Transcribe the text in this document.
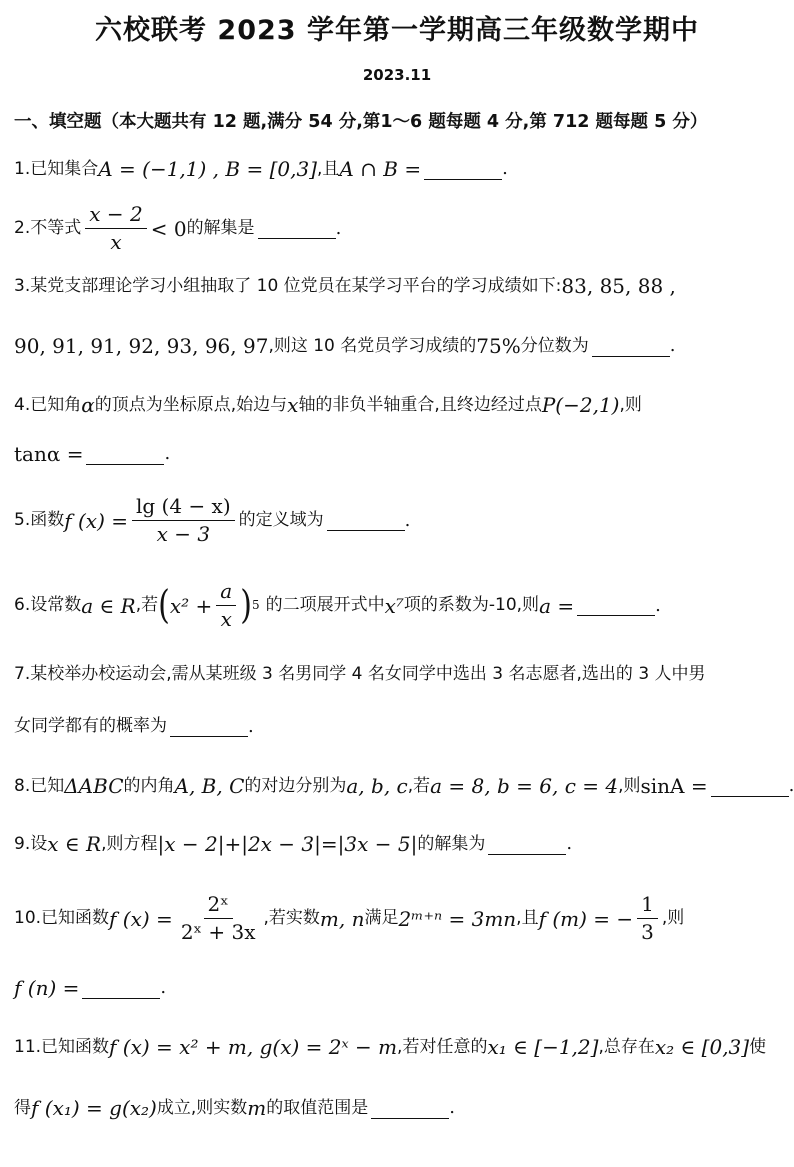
六校联考 2023 学年第一学期高三年级数学期中
2023.11
一、填空题（本大题共有 12 题,满分 54 分,第1～6 题每题 4 分,第 712 题每题 5 分）
1. 已知集合 A = (−1,1) , B = [0,3] ,且 A ∩ B =	.
2. 不等式 $\frac{x - 2}{x} < 0$ 的解集是	.
3. 某党支部理论学习小组抽取了 10 位党员在某学习平台的学习成绩如下: 83, 85, 88 ,
90, 91, 91, 92, 93, 96, 97 ,则这 10 名党员学习成绩的 75% 分位数为	.
4. 已知角 α 的顶点为坐标原点,始边与 x 轴的非负半轴重合,且终边经过点 P(−2,1) ,则
tanα =	.
5. 函数 f $(x) = \frac{\lg (4 - x)}{x - 3}$ 的定义域为	.
6. 设常数 a ∈ R ,若 ( $x^2 + \frac{a}{x}$ ) 5 的二项展开式中 x⁷ 项的系数为-10,则 a =	.
7. 某校举办校运动会,需从某班级 3 名男同学 4 名女同学中选出 3 名志愿者,选出的 3 人中男
女同学都有的概率为	.
8. 已知 ΔABC 的内角 A, B, C 的对边分别为 a, b, c ,若 a = 8, b = 6, c = 4 ,则 sinA =	.
9. 设 x ∈ R ,则方程 |x − 2|+|2x − 3|=|3x − 5| 的解集为	.
10. 已知函数 f $(x) = \frac{\text{2ˣ}}{\text{2ˣ + 3x}}$ ,若实数 m, n 满足 2ᵐ⁺ⁿ = 3mn ,且 f (m) = − $\frac{1}{3}$ ,则
f (n) =	.
11. 已知函数 f (x) = x² + m, g(x) = 2ˣ − m ,若对任意的 x₁ ∈ [−1,2] ,总存在 x₂ ∈ [0,3] 使
得 f (x₁) = g(x₂) 成立,则实数 m 的取值范围是	.
